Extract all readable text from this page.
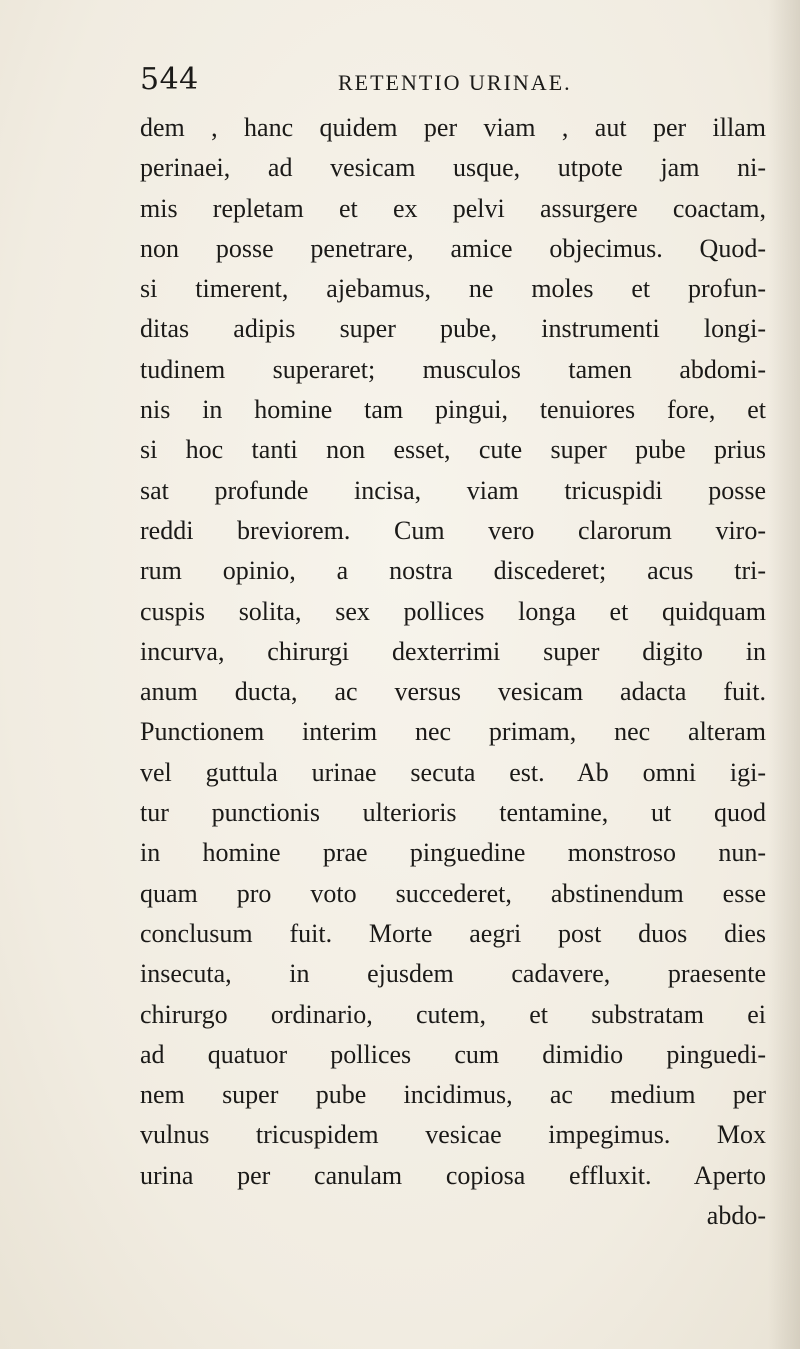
544	RETENTIO URINAE.
dem , hanc quidem per viam , aut per illam
perinaei, ad vesicam usque, utpote jam ni-
mis repletam et ex pelvi assurgere coactam,
non posse penetrare, amice objecimus. Quod-
si timerent, ajebamus, ne moles et profun-
ditas adipis super pube, instrumenti longi-
tudinem superaret; musculos tamen abdomi-
nis in homine tam pingui, tenuiores fore, et
si hoc tanti non esset, cute super pube prius
sat profunde incisa, viam tricuspidi posse
reddi breviorem. Cum vero clarorum viro-
rum opinio, a nostra discederet; acus tri-
cuspis solita, sex pollices longa et quidquam
incurva, chirurgi dexterrimi super digito in
anum ducta, ac versus vesicam adacta fuit.
Punctionem interim nec primam, nec alteram
vel guttula urinae secuta est. Ab omni igi-
tur punctionis ulterioris tentamine, ut quod
in homine prae pinguedine monstroso nun-
quam pro voto succederet, abstinendum esse
conclusum fuit. Morte aegri post duos dies
insecuta, in ejusdem cadavere, praesente
chirurgo ordinario, cutem, et substratam ei
ad quatuor pollices cum dimidio pinguedi-
nem super pube incidimus, ac medium per
vulnus tricuspidem vesicae impegimus. Mox
urina per canulam copiosa effluxit. Aperto
abdo-
